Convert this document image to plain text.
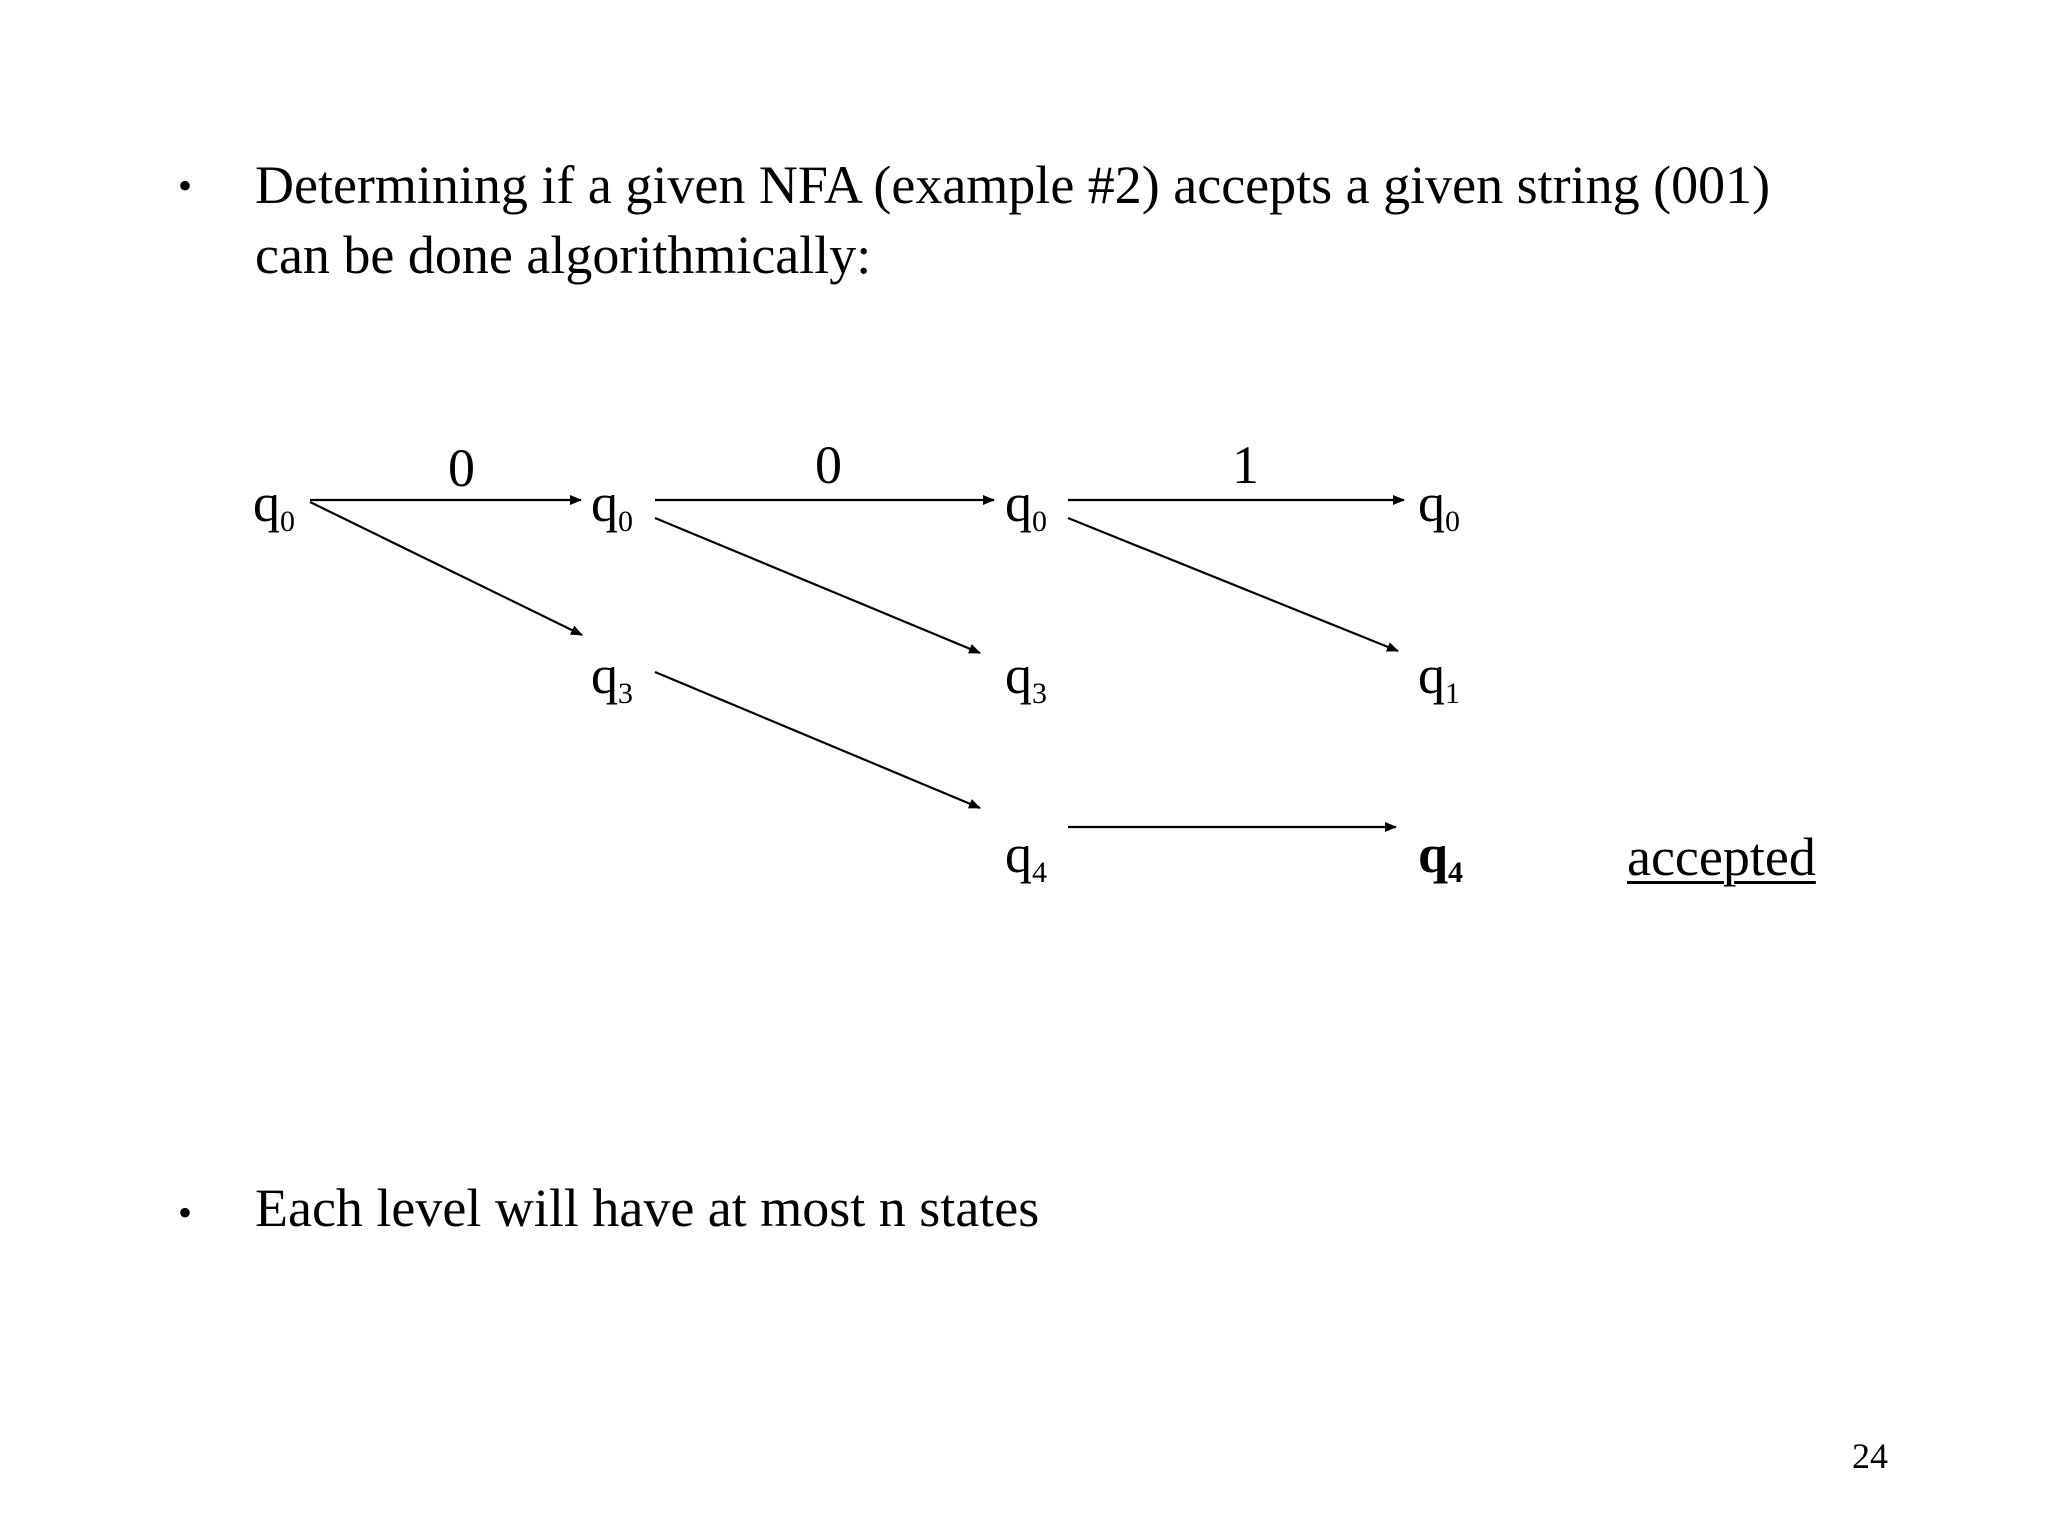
• Determining if a given NFA (example #2) accepts a given string (001)
can be done algorithmically:
0	0	1
$q_0$	$q_0$
$q_3$
$q_0$
$q_3$
$q_4$
$q_0$
$q_1$
$q_4$	accepted
• Each level will have at most n states
24
